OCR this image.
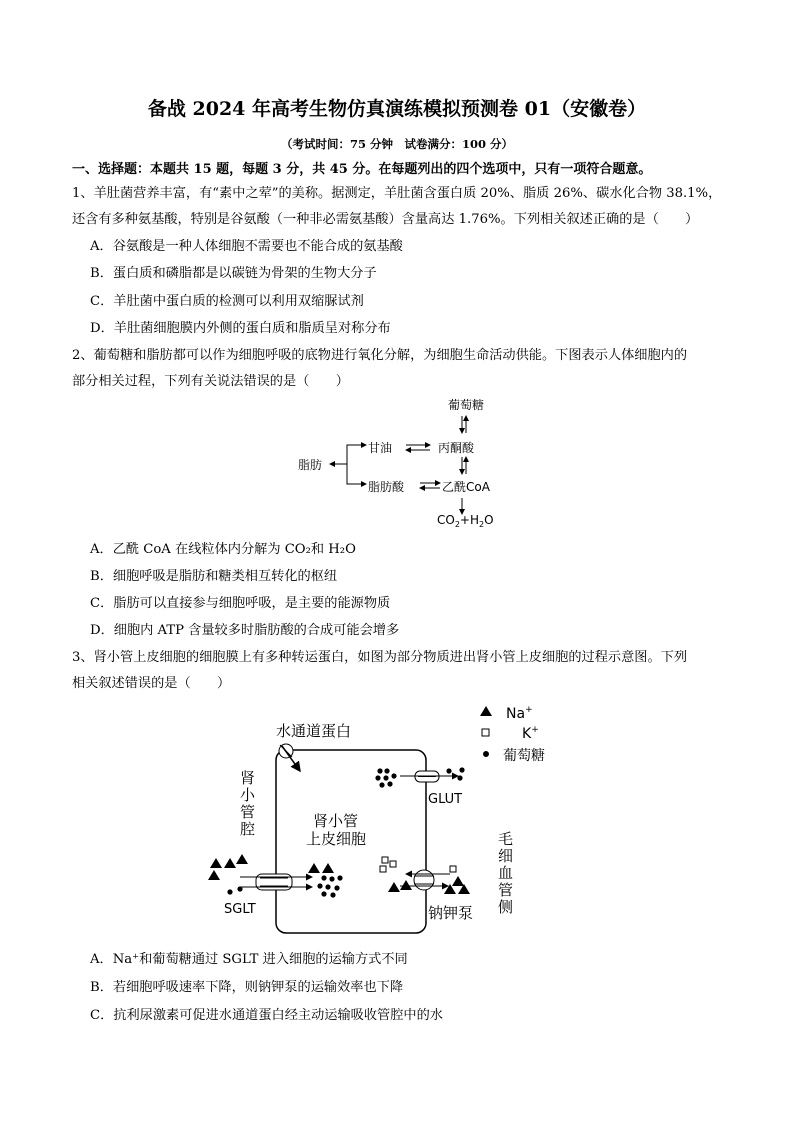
备战 2024 年高考生物仿真演练模拟预测卷 01（安徽卷）
（考试时间：75 分钟　试卷满分：100 分）
一、选择题：本题共 15 题，每题 3 分，共 45 分。在每题列出的四个选项中，只有一项符合题意。
1、羊肚菌营养丰富，有“素中之荤”的美称。据测定，羊肚菌含蛋白质 20%、脂质 26%、碳水化合物 38.1%，
还含有多种氨基酸，特别是谷氨酸（一种非必需氨基酸）含量高达 1.76%。下列相关叙述正确的是（　　）
A．谷氨酸是一种人体细胞不需要也不能合成的氨基酸
B．蛋白质和磷脂都是以碳链为骨架的生物大分子
C．羊肚菌中蛋白质的检测可以利用双缩脲试剂
D．羊肚菌细胞膜内外侧的蛋白质和脂质呈对称分布
2、葡萄糖和脂肪都可以作为细胞呼吸的底物进行氧化分解，为细胞生命活动供能。下图表示人体细胞内的
部分相关过程，下列有关说法错误的是（　　）
葡萄糖
甘油	丙酮酸
脂肪
脂肪酸	乙酰CoA
$CO_2+H_2O$
A．乙酰 CoA 在线粒体内分解为 CO₂和 H₂O
B．细胞呼吸是脂肪和糖类相互转化的枢纽
C．脂肪可以直接参与细胞呼吸，是主要的能源物质
D．细胞内 ATP 含量较多时脂肪酸的合成可能会增多
3、肾小管上皮细胞的细胞膜上有多种转运蛋白，如图为部分物质进出肾小管上皮细胞的过程示意图。下列
相关叙述错误的是（　　）
Na+
K+
葡萄糖
水通道蛋白
肾
小
管
腔	肾小管
上皮细胞
GLUT
毛
细
血
管
侧
SGLT	钠钾泵
A．Na⁺和葡萄糖通过 SGLT 进入细胞的运输方式不同
B．若细胞呼吸速率下降，则钠钾泵的运输效率也下降
C．抗利尿激素可促进水通道蛋白经主动运输吸收管腔中的水
